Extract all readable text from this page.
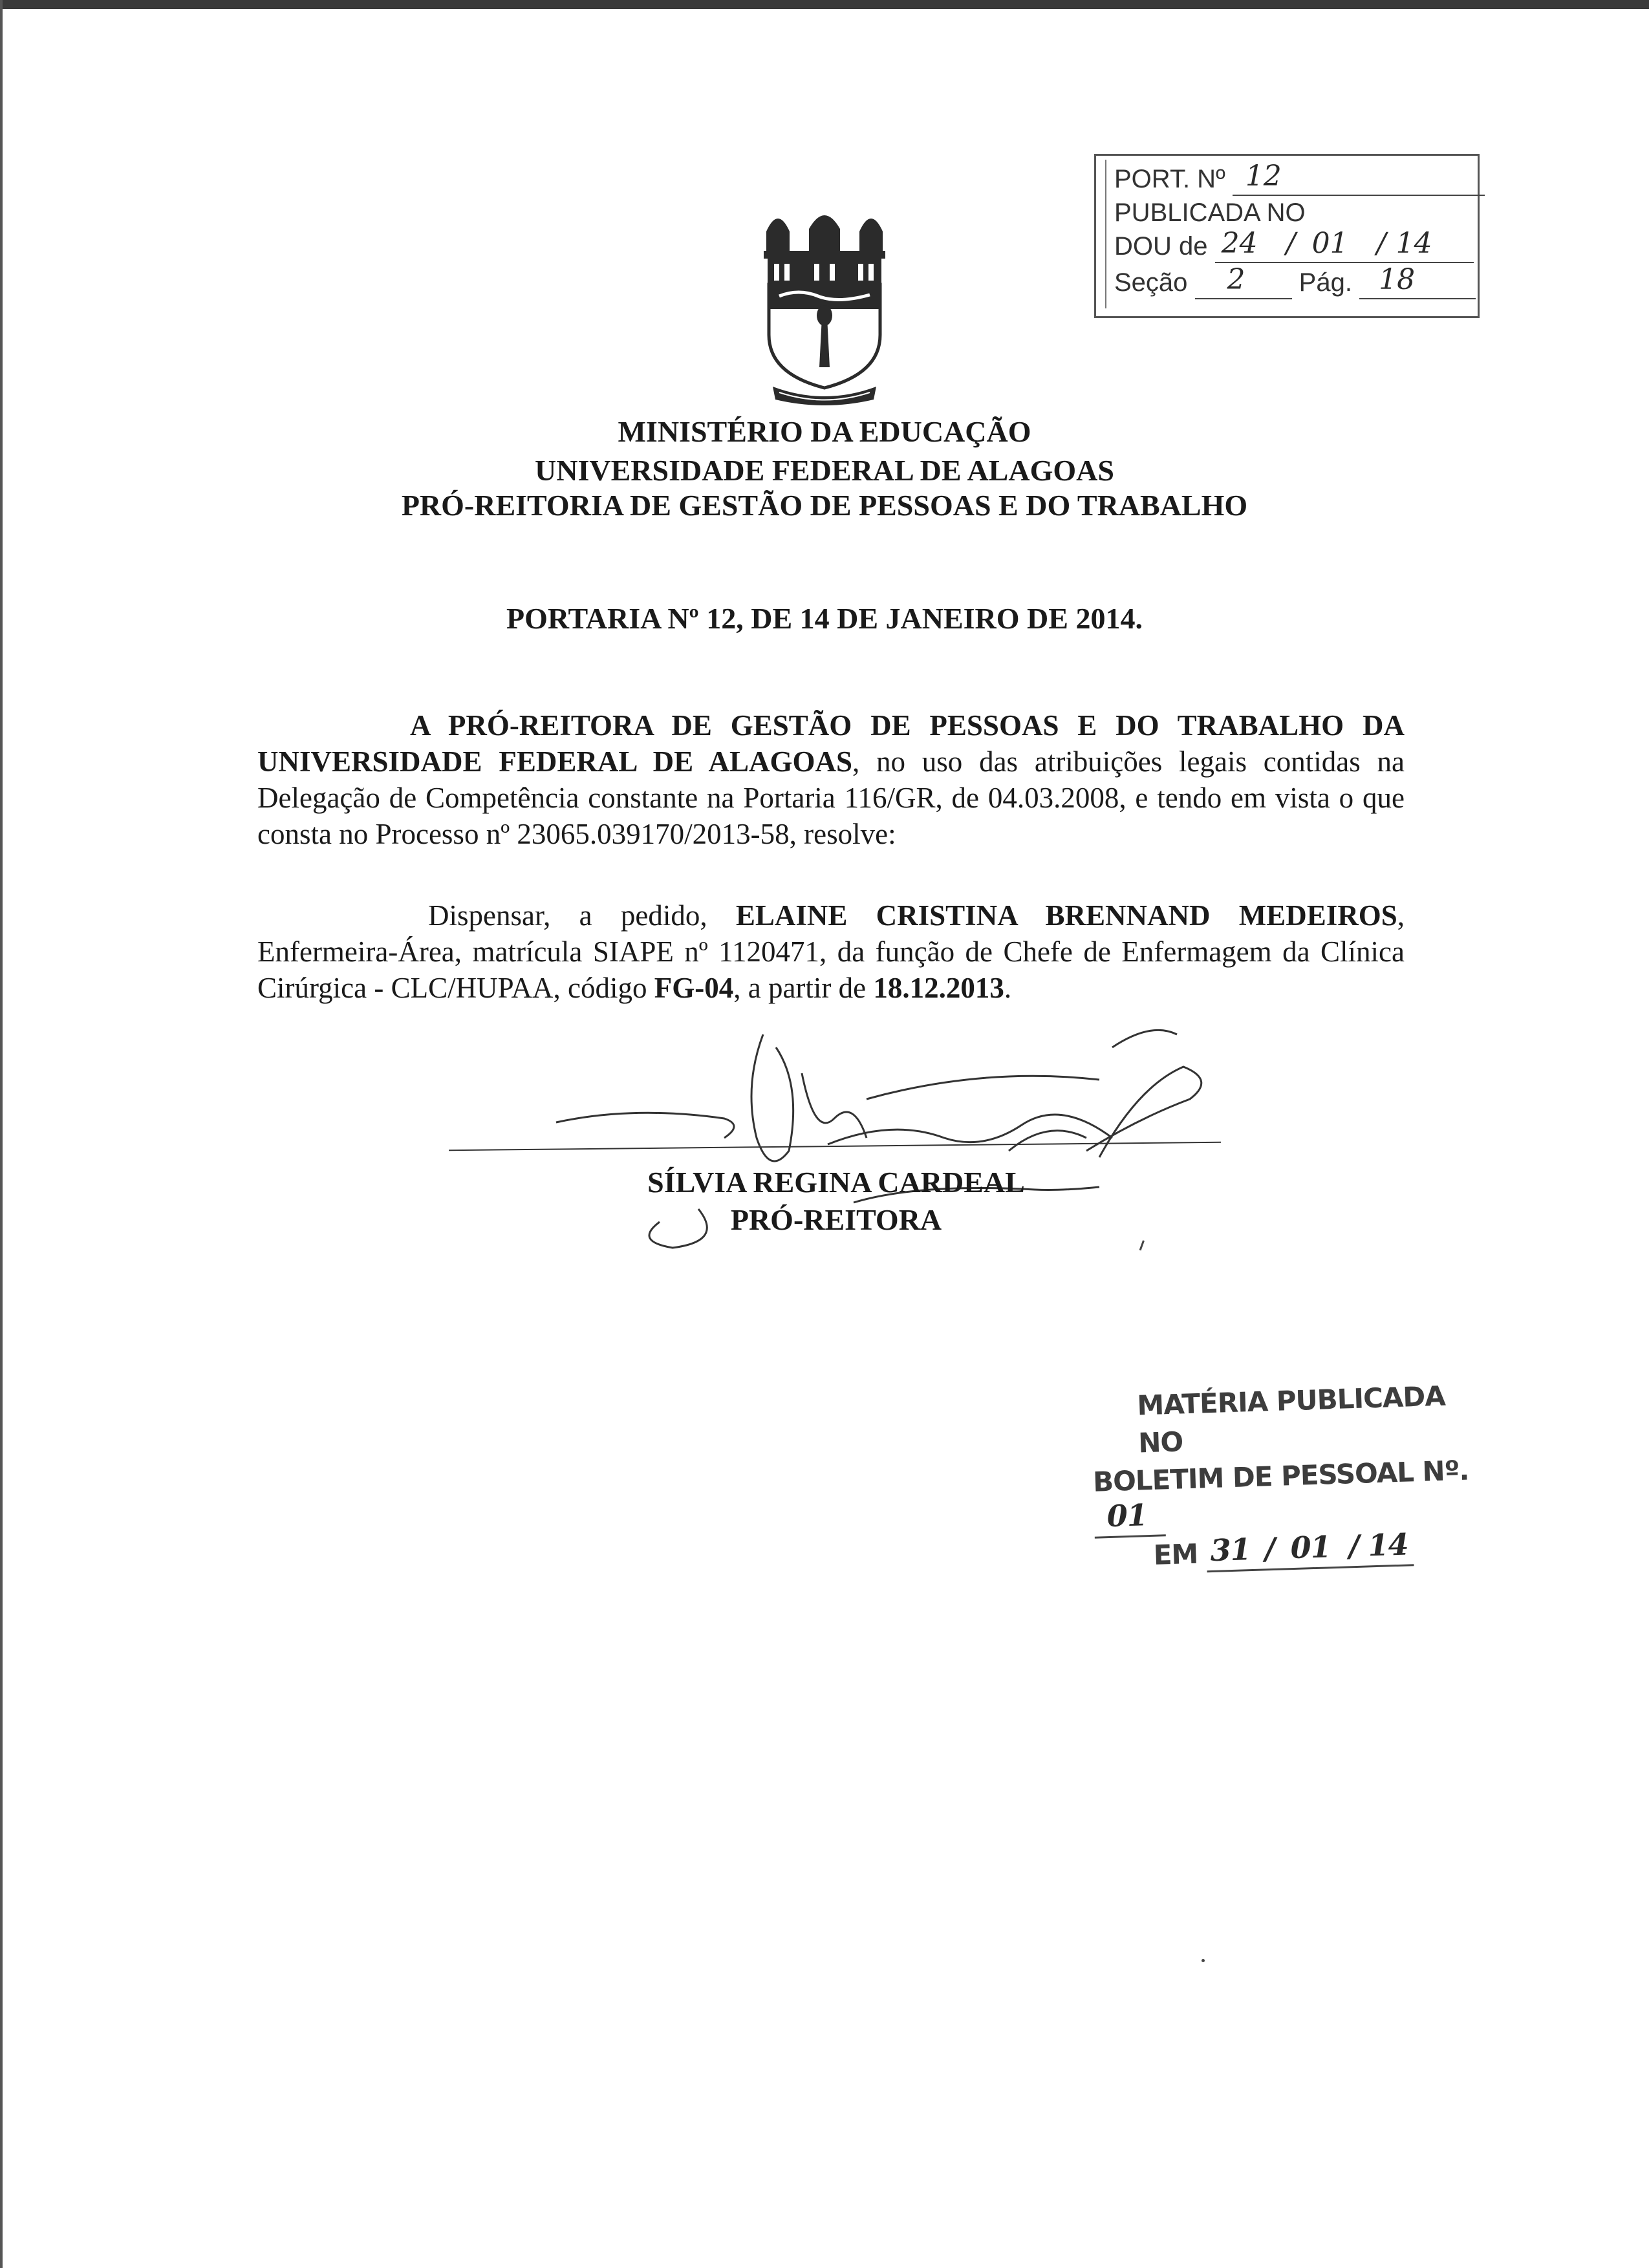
PORT. Nº 12
PUBLICADA NO
DOU de 24 / 01 / 14
Seção 2 Pág. 18
MINISTÉRIO DA EDUCAÇÃO
UNIVERSIDADE FEDERAL DE ALAGOAS
PRÓ-REITORIA DE GESTÃO DE PESSOAS E DO TRABALHO
PORTARIA Nº 12, DE 14 DE JANEIRO DE 2014.
A PRÓ-REITORA DE GESTÃO DE PESSOAS E DO TRABALHO DA UNIVERSIDADE FEDERAL DE ALAGOAS, no uso das atribuições legais contidas na Delegação de Competência constante na Portaria 116/GR, de 04.03.2008, e tendo em vista o que consta no Processo nº 23065.039170/2013-58, resolve:
Dispensar, a pedido, ELAINE CRISTINA BRENNAND MEDEIROS, Enfermeira-Área, matrícula SIAPE nº 1120471, da função de Chefe de Enfermagem da Clínica Cirúrgica - CLC/HUPAA, código FG-04, a partir de 18.12.2013.
SÍLVIA REGINA CARDEAL
PRÓ-REITORA
MATÉRIA PUBLICADA NO
BOLETIM DE PESSOAL Nº.
01
EM 31 / 01 / 14
